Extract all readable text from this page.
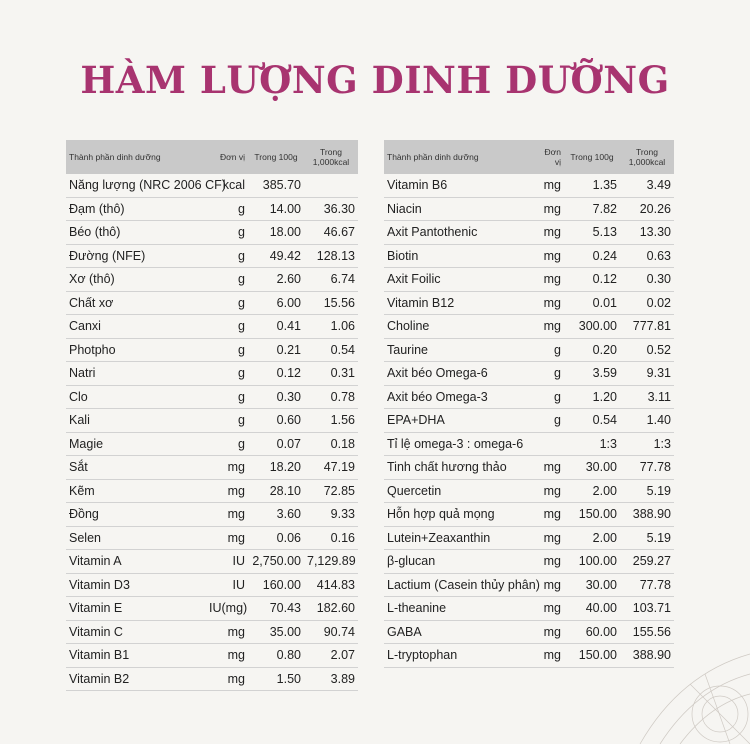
HÀM LƯỢNG DINH DƯỠNG
Thành phần dinh dưỡng	Đơn vị	Trong 100g	Trong 1,000kcal
Năng lượng (NRC 2006 CF)	kcal	385.70	
Đạm (thô)	g	14.00	36.30
Béo (thô)	g	18.00	46.67
Đường (NFE)	g	49.42	128.13
Xơ (thô)	g	2.60	6.74
Chất xơ	g	6.00	15.56
Canxi	g	0.41	1.06
Photpho	g	0.21	0.54
Natri	g	0.12	0.31
Clo	g	0.30	0.78
Kali	g	0.60	1.56
Magie	g	0.07	0.18
Sắt	mg	18.20	47.19
Kẽm	mg	28.10	72.85
Đồng	mg	3.60	9.33
Selen	mg	0.06	0.16
Vitamin A	IU	2,750.00	7,129.89
Vitamin D3	IU	160.00	414.83
Vitamin E	IU(mg)	70.43	182.60
Vitamin C	mg	35.00	90.74
Vitamin B1	mg	0.80	2.07
Vitamin B2	mg	1.50	3.89
Thành phần dinh dưỡng	Đơn vị	Trong 100g	Trong 1,000kcal
Vitamin B6	mg	1.35	3.49
Niacin	mg	7.82	20.26
Axit Pantothenic	mg	5.13	13.30
Biotin	mg	0.24	0.63
Axit Foilic	mg	0.12	0.30
Vitamin B12	mg	0.01	0.02
Choline	mg	300.00	777.81
Taurine	g	0.20	0.52
Axit béo Omega-6	g	3.59	9.31
Axit béo Omega-3	g	1.20	3.11
EPA+DHA	g	0.54	1.40
Tỉ lệ omega-3 : omega-6		1:3	1:3
Tinh chất hương thảo	mg	30.00	77.78
Quercetin	mg	2.00	5.19
Hỗn hợp quả mọng	mg	150.00	388.90
Lutein+Zeaxanthin	mg	2.00	5.19
β-glucan	mg	100.00	259.27
Lactium (Casein thủy phân)	mg	30.00	77.78
L-theanine	mg	40.00	103.71
GABA	mg	60.00	155.56
L-tryptophan	mg	150.00	388.90
